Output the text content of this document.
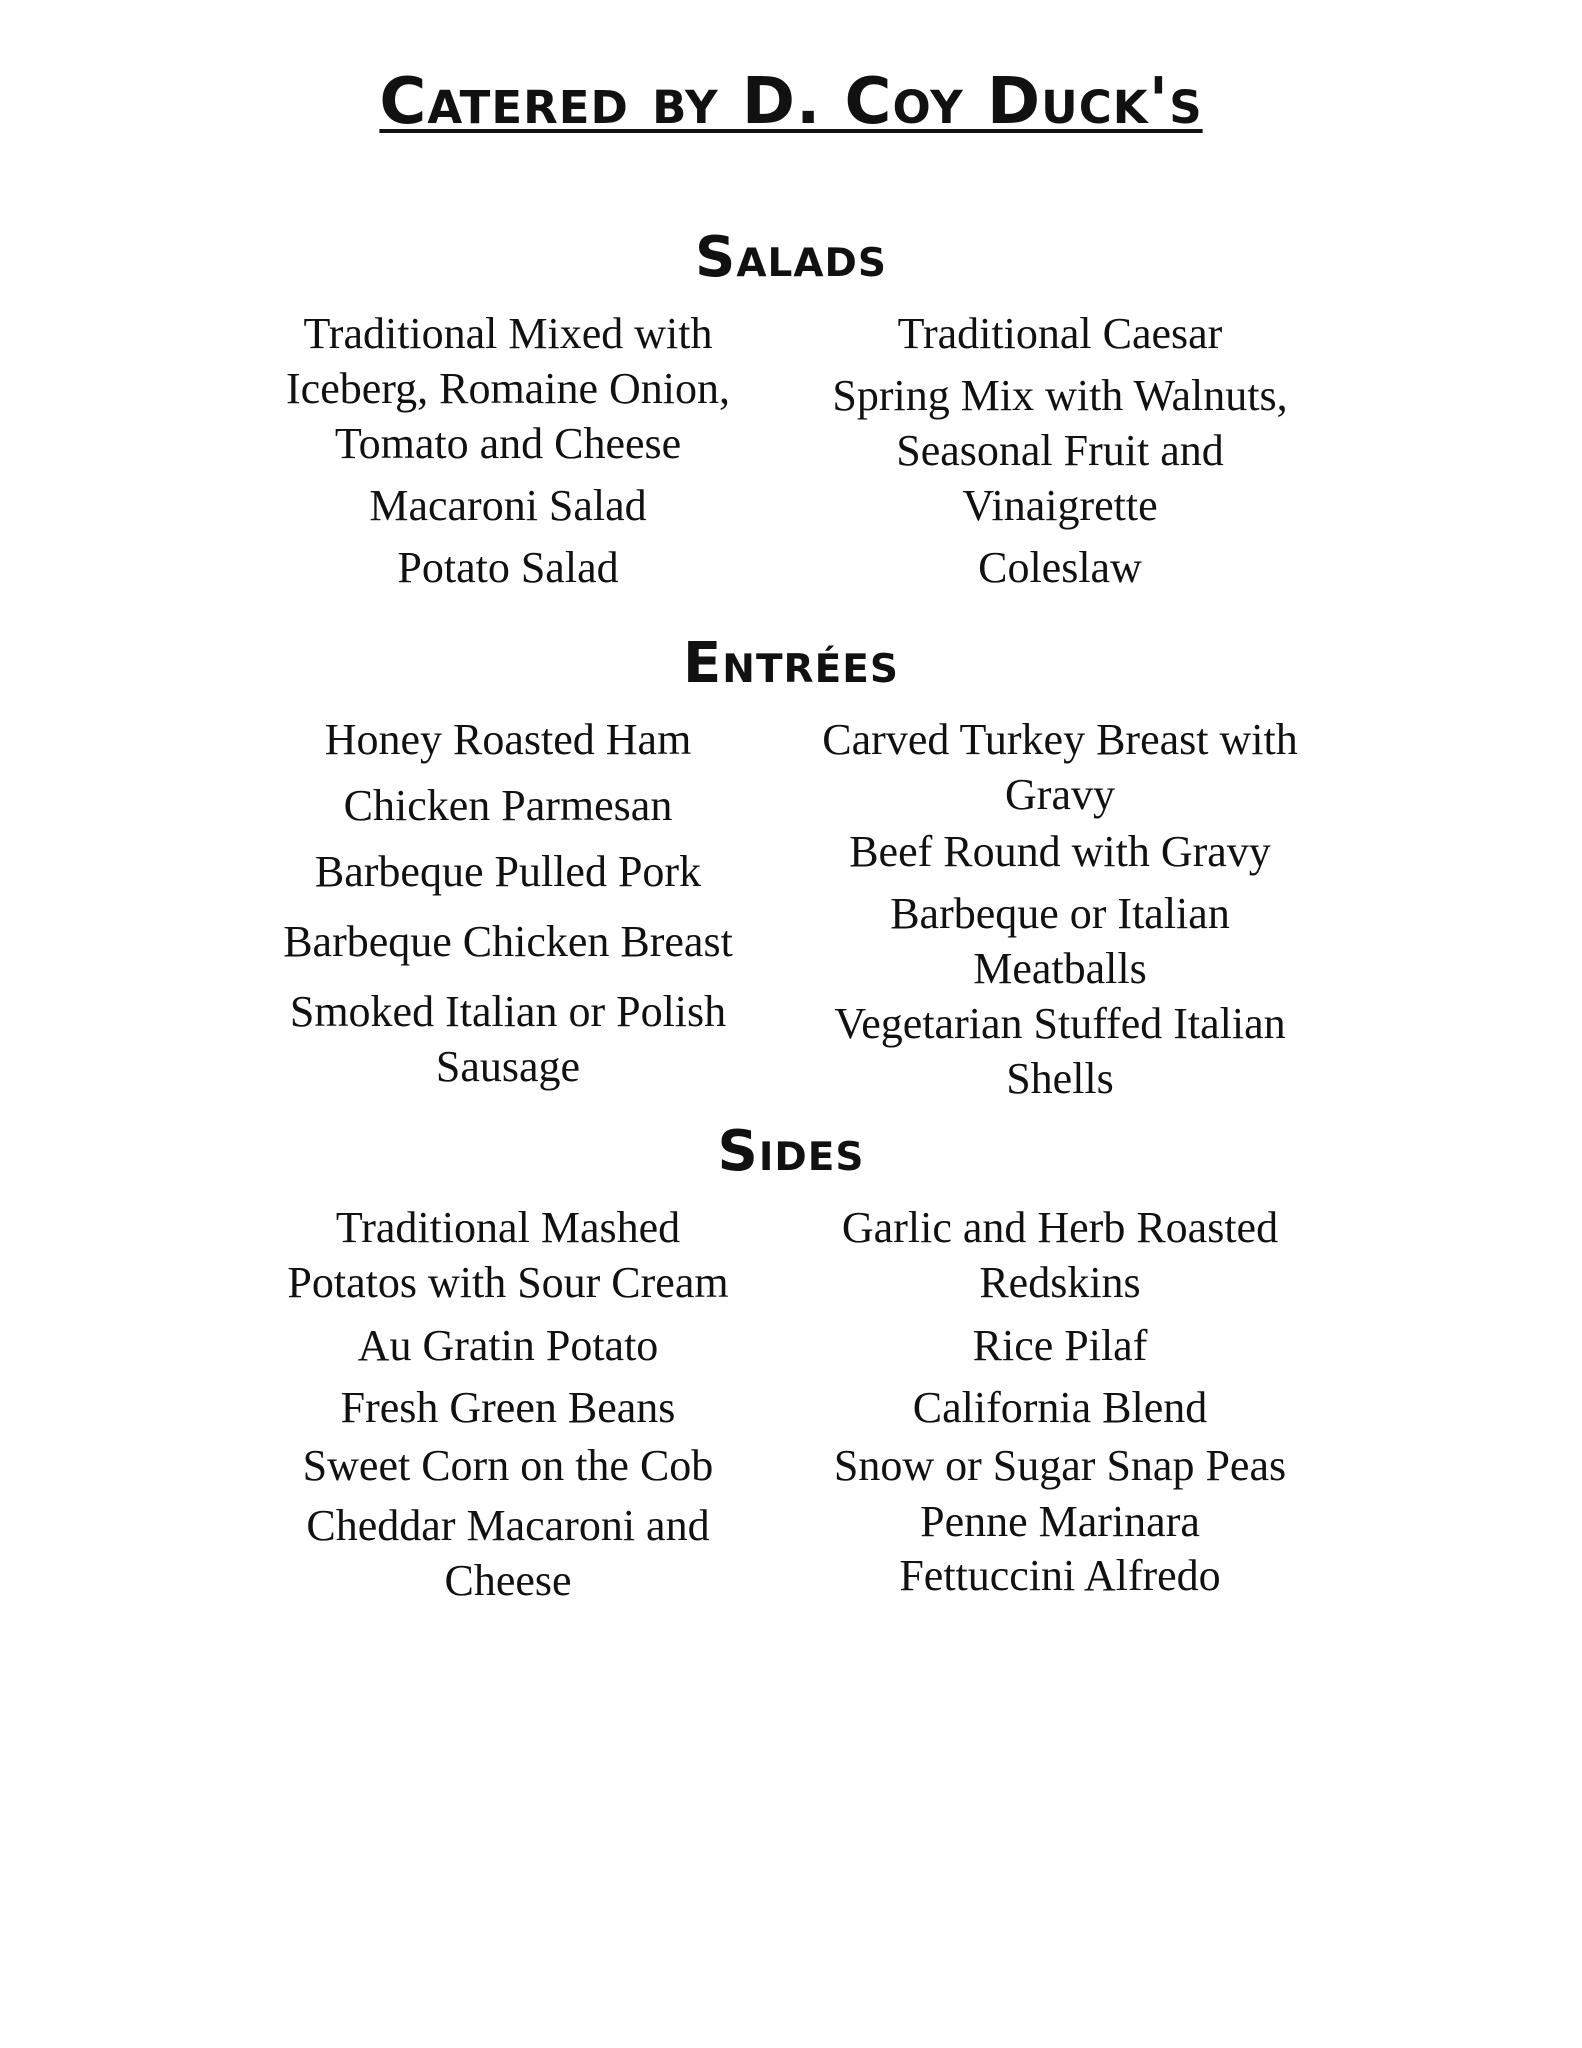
Catered by D. Coy Duck's
Salads
Traditional Mixed with Iceberg, Romaine Onion, Tomato and Cheese
Macaroni Salad
Potato Salad
Traditional Caesar
Spring Mix with Walnuts, Seasonal Fruit and Vinaigrette
Coleslaw
Entrées
Honey Roasted Ham
Chicken Parmesan
Barbeque Pulled Pork
Barbeque Chicken Breast
Smoked Italian or Polish Sausage
Carved Turkey Breast with Gravy
Beef Round with Gravy
Barbeque or Italian Meatballs
Vegetarian Stuffed Italian Shells
Sides
Traditional Mashed Potatos with Sour Cream
Au Gratin Potato
Fresh Green Beans
Sweet Corn on the Cob
Cheddar Macaroni and Cheese
Garlic and Herb Roasted Redskins
Rice Pilaf
California Blend
Snow or Sugar Snap Peas
Penne Marinara
Fettuccini Alfredo
